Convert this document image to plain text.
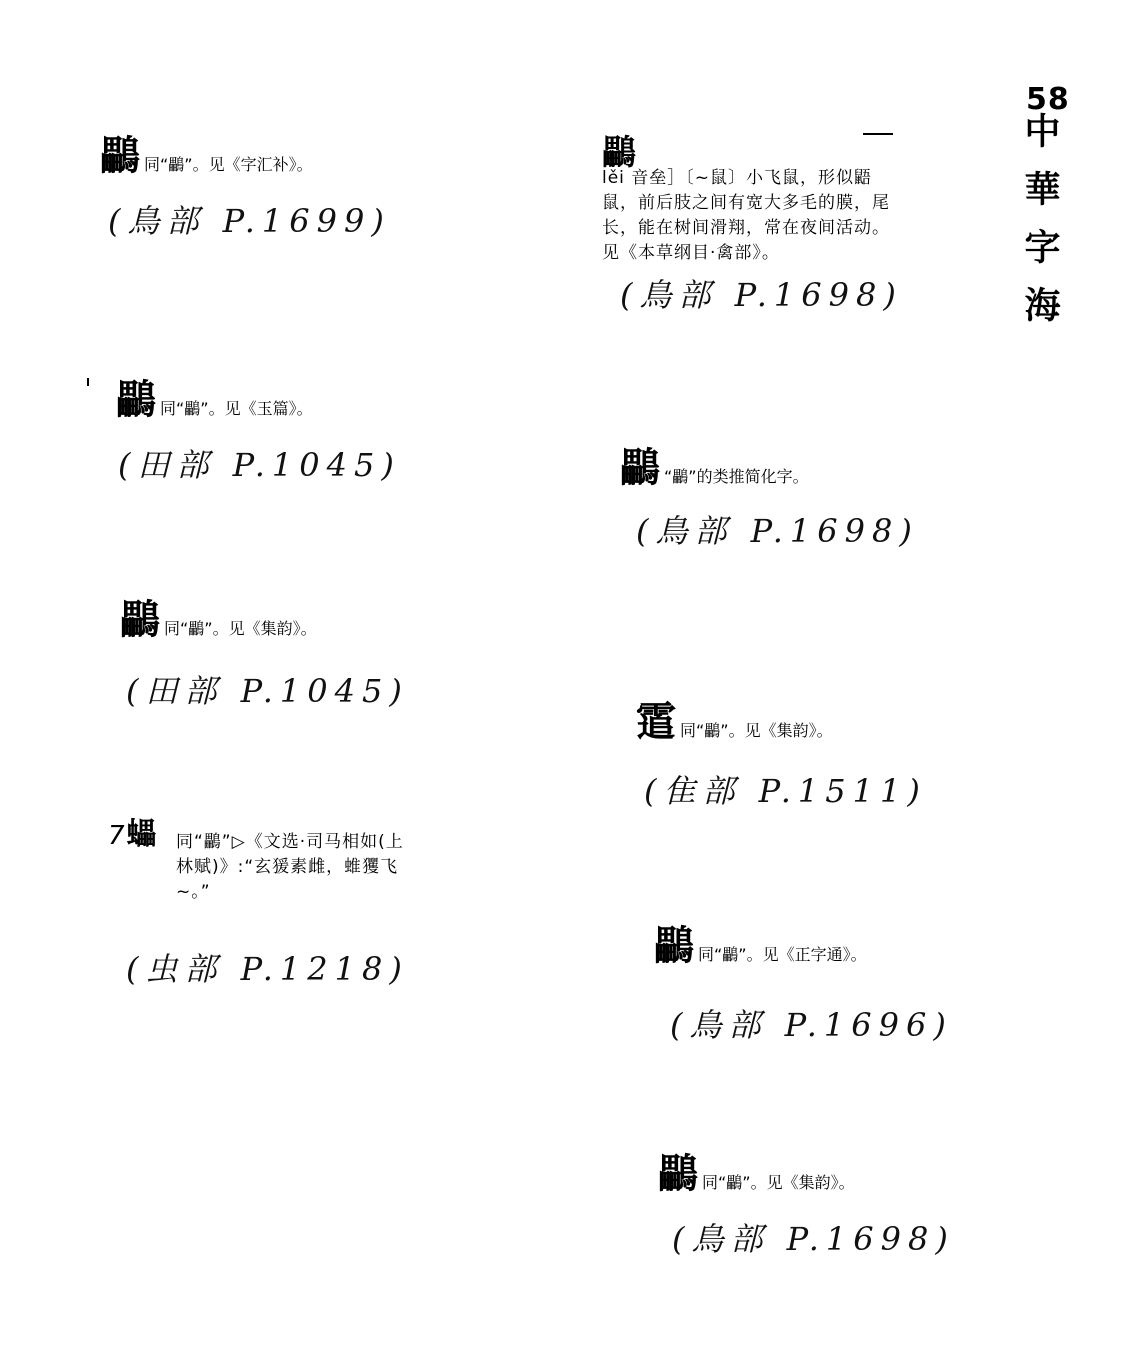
58
中華字海
鸓 同“鸓”。见《字汇补》。
(鳥部 P.1699)
鸓 同“鸓”。见《玉篇》。
(田部 P.1045)
鸓 同“鸓”。见《集韵》。
(田部 P.1045)
7 蠝 同“鸓”▷《文选·司马相如(上林赋)》:“玄猨素雌，蜼玃飞~。”
(虫部 P.1218)
鸓
lěi 音垒］〔~鼠〕小飞鼠，形似鼯鼠，前后肢之间有宽大多毛的膜，尾长，能在树间滑翔，常在夜间活动。见《本草纲目·禽部》。
(鳥部 P.1698)
鸓 “鸓”的类推简化字。
(鳥部 P.1698)
䨨 同“鸓”。见《集韵》。
(隹部 P.1511)
鸓 同“鸓”。见《正字通》。
(鳥部 P.1696)
鸓 同“鸓”。见《集韵》。
(鳥部 P.1698)
